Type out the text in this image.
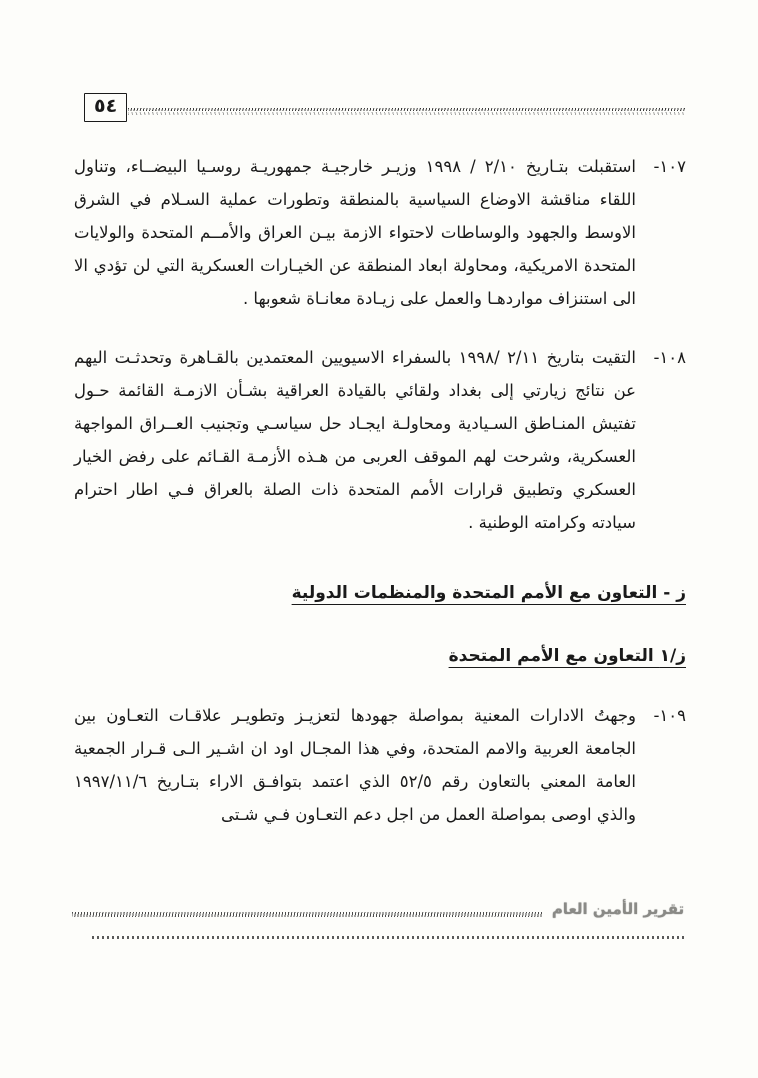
٥٤

١٠٧-
استقبلت بتـاريخ ٢/١٠ / ١٩٩٨ وزيـر خارجيـة جمهوريـة روسـيا البيضــاء، وتناول اللقاء مناقشة الاوضاع السياسية بالمنطقة وتطورات عملية السـلام في الشرق الاوسط والجهود والوساطات لاحتواء الازمة بيـن العراق والأمــم المتحدة والولايات المتحدة الامريكية، ومحاولة ابعاد المنطقة عن الخيـارات العسكرية التي لن تؤدي الا الى استنزاف مواردهـا والعمل على زيـادة معانـاة شعوبها .

١٠٨-
التقيت بتاريخ ٢/١١ /١٩٩٨ بالسفراء الاسيويين المعتمدين بالقـاهرة وتحدثـت اليهم عن نتائج زيارتي إلى بغداد ولقائي بالقيادة العراقية بشـأن الازمـة القائمة حـول تفتيش المنـاطق السـيادية ومحاولـة ايجـاد حل سياسـي وتجنيب العــراق المواجهة العسكرية، وشرحت لهم الموقف العربى من هـذه الأزمـة القـائم على رفض الخيار العسكري وتطبيق قرارات الأمم المتحدة ذات الصلة بالعراق فـي اطار احترام سيادته وكرامته الوطنية .

ز - التعاون مع الأمم المتحدة والمنظمات الدولية
ز/١ التعاون مع الأمم المتحدة

١٠٩-
وجهتُ الادارات المعنية بمواصلة جهودها لتعزيـز وتطويـر علاقـات التعـاون بين الجامعة العربية والامم المتحدة، وفي هذا المجـال اود ان اشـير الـى قـرار الجمعية العامة المعني بالتعاون رقم ٥٢/٥ الذي اعتمد بتوافـق الاراء بتـاريخ ١٩٩٧/١١/٦ والذي اوصى بمواصلة العمل من اجل دعم التعـاون فـي شـتى

تقرير الأمين العام
